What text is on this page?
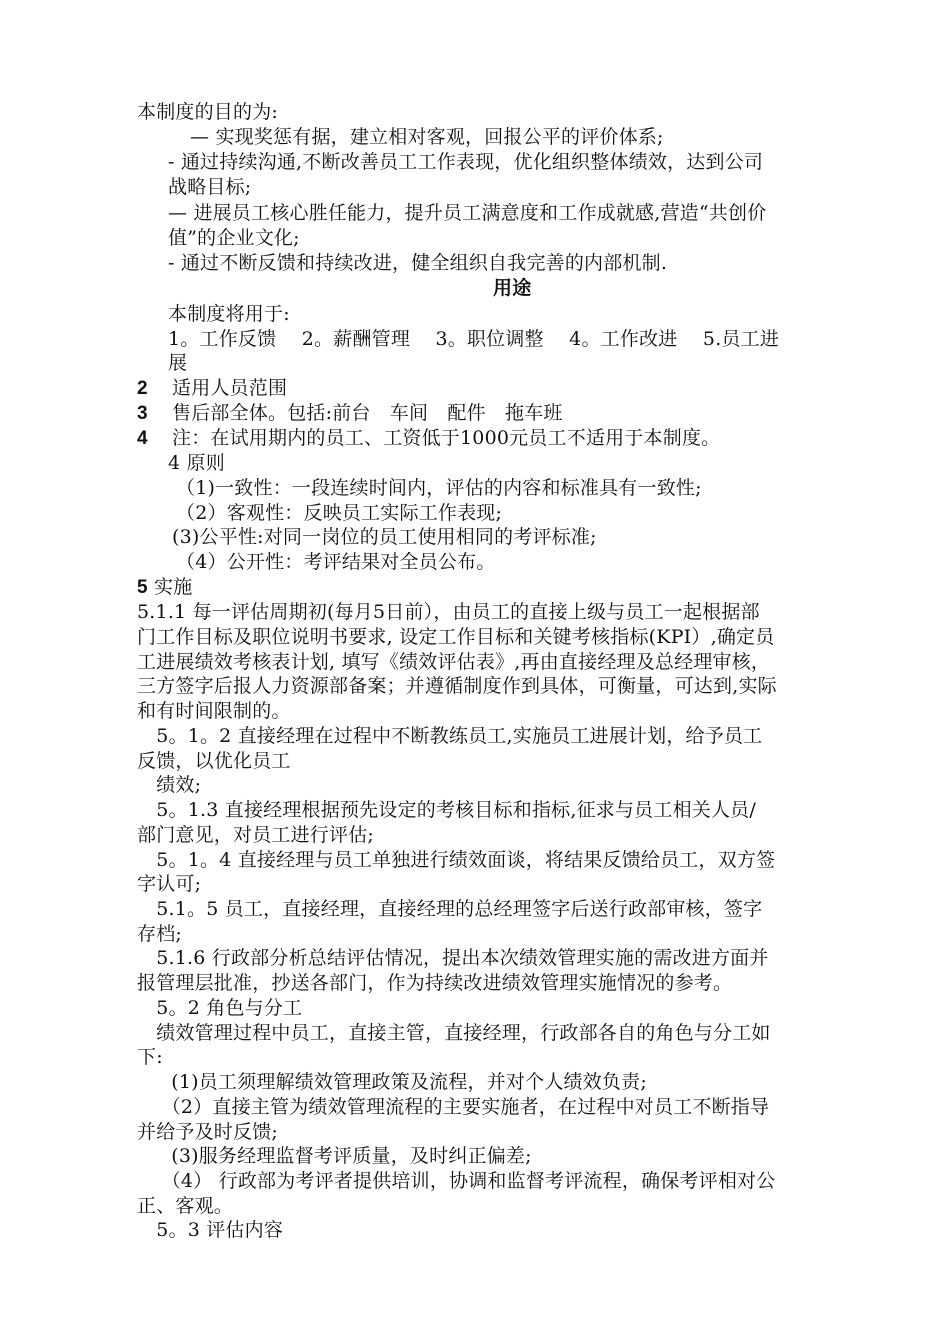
本制度的目的为:
— 实现奖惩有据，建立相对客观，回报公平的评价体系;
- 通过持续沟通,不断改善员工工作表现，优化组织整体绩效，达到公司
战略目标;
— 进展员工核心胜任能力，提升员工满意度和工作成就感,营造“共创价
值”的企业文化;
- 通过不断反馈和持续改进，健全组织自我完善的内部机制.
用途
本制度将用于:
1。工作反馈　 2。薪酬管理　 3。职位调整　 4。工作改进　 5.员工进
展
2 适用人员范围
3 售后部全体。包括:前台　车间　配件　拖车班
4 注：在试用期内的员工、工资低于1000元员工不适用于本制度。
4 原则
（1)一致性：一段连续时间内，评估的内容和标准具有一致性;
（2）客观性：反映员工实际工作表现;
(3)公平性:对同一岗位的员工使用相同的考评标准;
（4）公开性：考评结果对全员公布。
5 实施
5.1.1 每一评估周期初(每月5日前），由员工的直接上级与员工一起根据部
门工作目标及职位说明书要求, 设定工作目标和关键考核指标(KPI）,确定员
工进展绩效考核表计划, 填写《绩效评估表》,再由直接经理及总经理审核，
三方签字后报人力资源部备案；并遵循制度作到具体，可衡量，可达到,实际
和有时间限制的。
　5。1。2 直接经理在过程中不断教练员工,实施员工进展计划，给予员工
反馈，以优化员工
　绩效;
　5。1.3 直接经理根据预先设定的考核目标和指标,征求与员工相关人员/
部门意见，对员工进行评估;
　5。1。4 直接经理与员工单独进行绩效面谈，将结果反馈给员工，双方签
字认可;
　5.1。5 员工，直接经理，直接经理的总经理签字后送行政部审核，签字
存档;
　5.1.6 行政部分析总结评估情况，提出本次绩效管理实施的需改进方面并
报管理层批准，抄送各部门，作为持续改进绩效管理实施情况的参考。
　5。2 角色与分工
　绩效管理过程中员工，直接主管，直接经理，行政部各自的角色与分工如
下:
　(1)员工须理解绩效管理政策及流程，并对个人绩效负责;
　（2）直接主管为绩效管理流程的主要实施者，在过程中对员工不断指导
并给予及时反馈;
　(3)服务经理监督考评质量，及时纠正偏差;
　（4） 行政部为考评者提供培训，协调和监督考评流程，确保考评相对公
正、客观。
　5。3 评估内容
